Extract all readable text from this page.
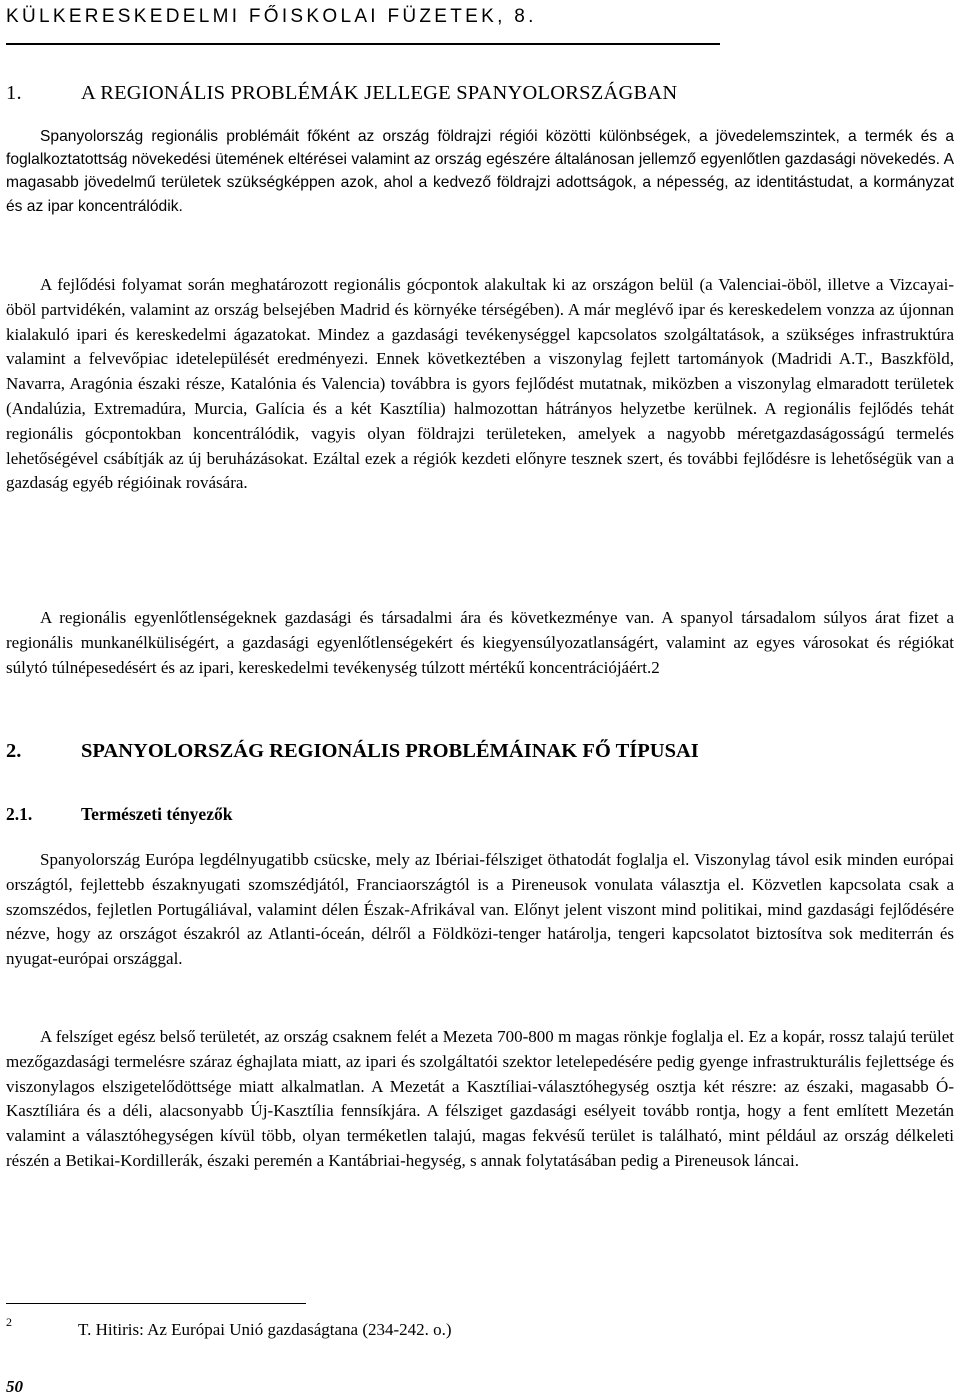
KÜLKERESKEDELMI FŐISKOLAI FÜZETEK, 8.
1.	A REGIONÁLIS PROBLÉMÁK JELLEGE SPANYOLORSZÁGBAN

Spanyolország regionális problémáit főként az ország földrajzi régiói közötti különbségek, a jövedelemszintek, a termék és a foglalkoztatottság növekedési ütemének eltérései valamint az ország egészére általánosan jellemző egyenlőtlen gazdasági növekedés. A magasabb jövedelmű területek szükségképpen azok, ahol a kedvező földrajzi adottságok, a népesség, az identitástudat, a kormányzat és az ipar koncentrálódik.

A fejlődési folyamat során meghatározott regionális gócpontok alakultak ki az országon belül (a Valenciai-öböl, illetve a Vizcayai-öböl partvidékén, valamint az ország belsejében Madrid és környéke térségében). A már meglévő ipar és kereskedelem vonzza az újonnan kialakuló ipari és kereskedelmi ágazatokat. Mindez a gazdasági tevékenységgel kapcsolatos szolgáltatások, a szükséges infrastruktúra valamint a felvevőpiac idetelepülését eredményezi. Ennek következtében a viszonylag fejlett tartományok (Madridi A.T., Baszkföld, Navarra, Aragónia északi része, Katalónia és Valencia) továbbra is gyors fejlődést mutatnak, miközben a viszonylag elmaradott területek (Andalúzia, Extremadúra, Murcia, Galícia és a két Kasztília) halmozottan hátrányos helyzetbe kerülnek. A regionális fejlődés tehát regionális gócpontokban koncentrálódik, vagyis olyan földrajzi területeken, amelyek a nagyobb méretgazdaságosságú termelés lehetőségével csábítják az új beruházásokat. Ezáltal ezek a régiók kezdeti előnyre tesznek szert, és további fejlődésre is lehetőségük van a gazdaság egyéb régióinak rovására.

A regionális egyenlőtlenségeknek gazdasági és társadalmi ára és következménye van. A spanyol társadalom súlyos árat fizet a regionális munkanélküliségért, a gazdasági egyenlőtlenségekért és kiegyensúlyozatlanságért, valamint az egyes városokat és régiókat súlytó túlnépesedésért és az ipari, kereskedelmi tevékenység túlzott mértékű koncentrációjáért.2

2.	SPANYOLORSZÁG REGIONÁLIS PROBLÉMÁINAK FŐ TÍPUSAI
2.1.	Természeti tényezők

Spanyolország Európa legdélnyugatibb csücske, mely az Ibériai-félsziget öthatodát foglalja el. Viszonylag távol esik minden európai országtól, fejlettebb északnyugati szomszédjától, Franciaországtól is a Pireneusok vonulata választja el. Közvetlen kapcsolata csak a szomszédos, fejletlen Portugáliával, valamint délen Észak-Afrikával van. Előnyt jelent viszont mind politikai, mind gazdasági fejlődésére nézve, hogy az országot északról az Atlanti-óceán, délről a Földközi-tenger határolja, tengeri kapcsolatot biztosítva sok mediterrán és nyugat-európai országgal.

A felszíget egész belső területét, az ország csaknem felét a Mezeta 700-800 m magas rönkje foglalja el. Ez a kopár, rossz talajú terület mezőgazdasági termelésre száraz éghajlata miatt, az ipari és szolgáltatói szektor letelepedésére pedig gyenge infrastrukturális fejlettsége és viszonylagos elszigetelődöttsége miatt alkalmatlan. A Mezetát a Kasztíliai-választóhegység osztja két részre: az északi, magasabb Ó-Kasztíliára és a déli, alacsonyabb Új-Kasztília fennsíkjára. A félsziget gazdasági esélyeit tovább rontja, hogy a fent említett Mezetán valamint a választóhegységen kívül több, olyan terméketlen talajú, magas fekvésű terület is található, mint például az ország délkeleti részén a Betikai-Kordillerák, északi peremén a Kantábriai-hegység, s annak folytatásában pedig a Pireneusok láncai.

2	T. Hitiris: Az Európai Unió gazdaságtana (234-242. o.)
50
